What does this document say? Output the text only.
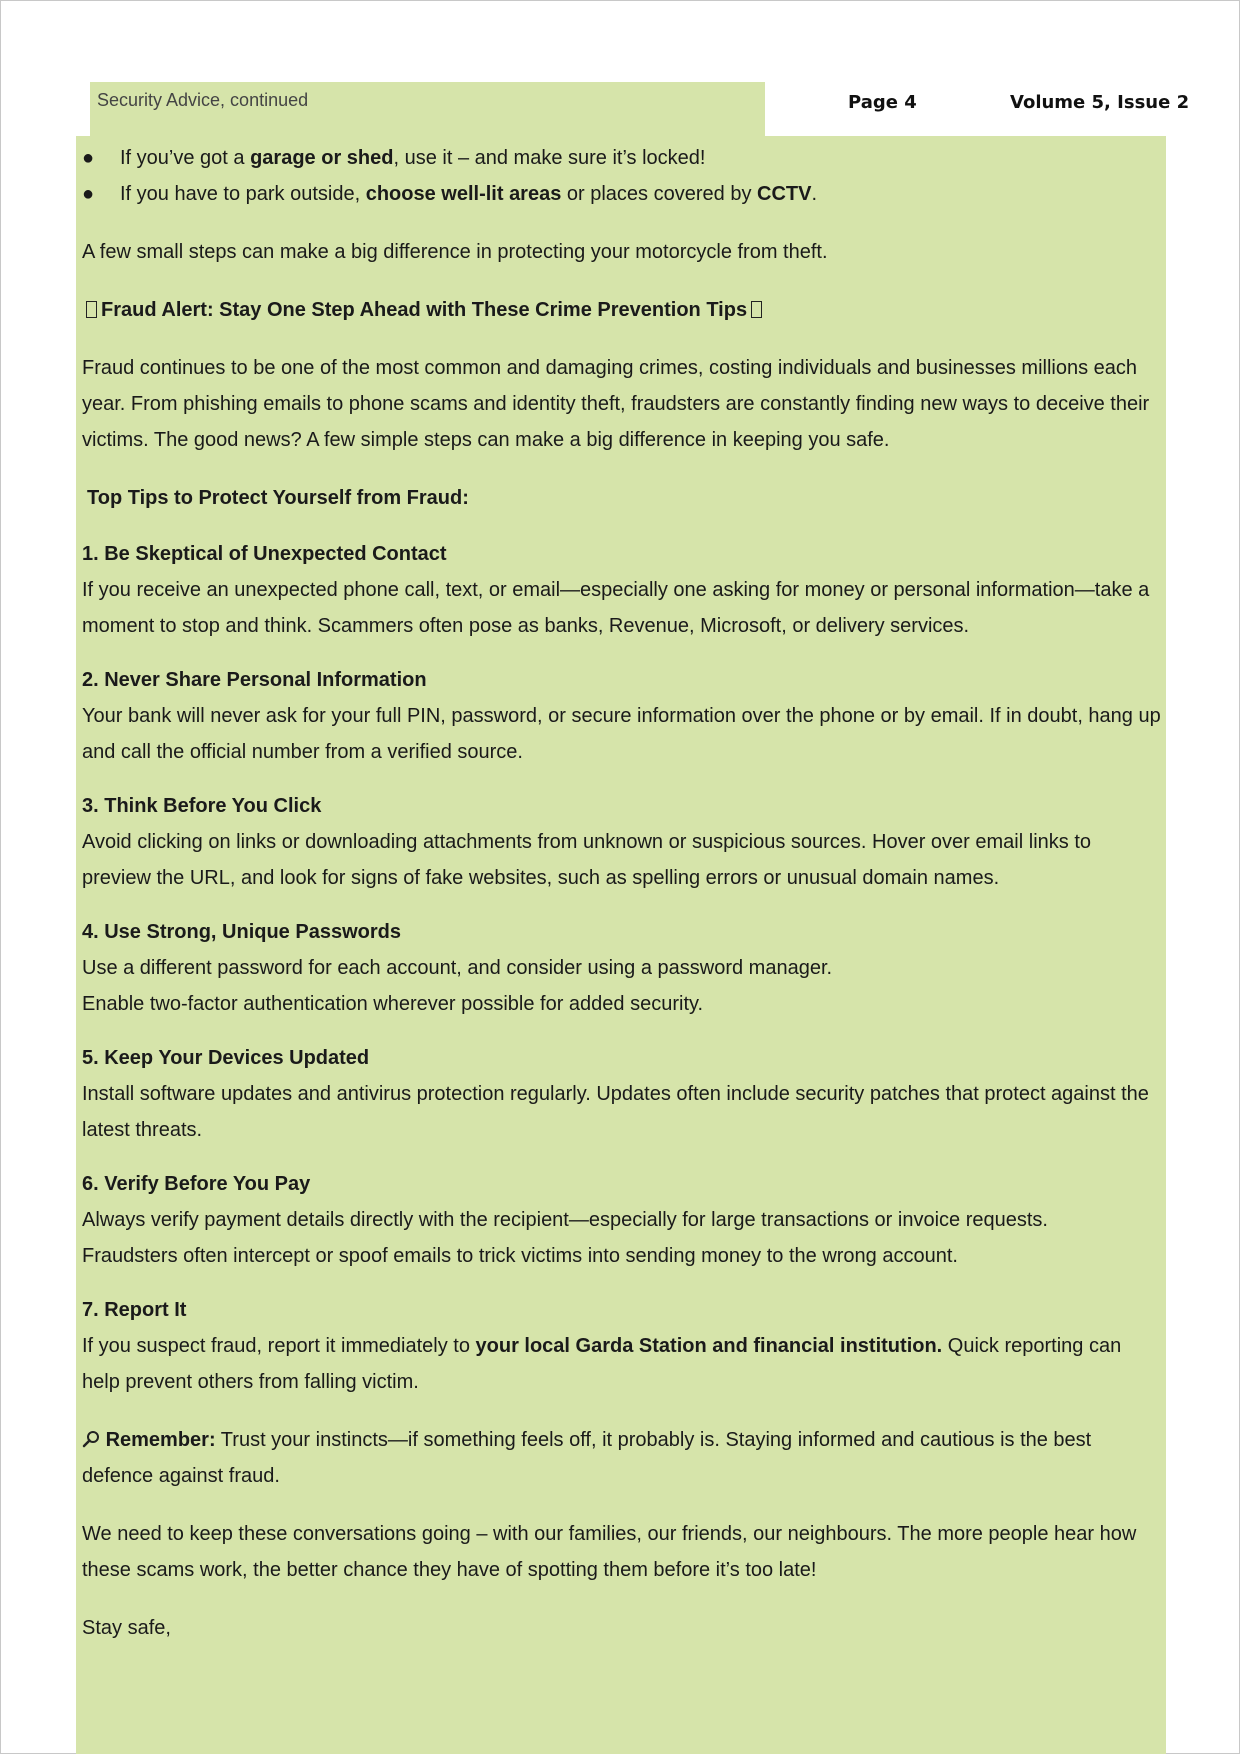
Security Advice, continued	Page 4	Volume 5, Issue 2

● If you’ve got a garage or shed, use it – and make sure it’s locked!

● If you have to park outside, choose well-lit areas or places covered by CCTV.

A few small steps can make a big difference in protecting your motorcycle from theft.

Fraud Alert: Stay One Step Ahead with These Crime Prevention Tips

Fraud continues to be one of the most common and damaging crimes, costing individuals and businesses millions each year. From phishing emails to phone scams and identity theft, fraudsters are constantly finding new ways to deceive their victims. The good news? A few simple steps can make a big difference in keeping you safe.

Top Tips to Protect Yourself from Fraud:

1. Be Skeptical of Unexpected Contact

If you receive an unexpected phone call, text, or email—especially one asking for money or personal information—take a moment to stop and think. Scammers often pose as banks, Revenue, Microsoft, or delivery services.

2. Never Share Personal Information

Your bank will never ask for your full PIN, password, or secure information over the phone or by email. If in doubt, hang up and call the official number from a verified source.

3. Think Before You Click

Avoid clicking on links or downloading attachments from unknown or suspicious sources. Hover over email links to preview the URL, and look for signs of fake websites, such as spelling errors or unusual domain names.

4. Use Strong, Unique Passwords

Use a different password for each account, and consider using a password manager.

Enable two-factor authentication wherever possible for added security.

5. Keep Your Devices Updated

Install software updates and antivirus protection regularly. Updates often include security patches that protect against the latest threats.

6. Verify Before You Pay

Always verify payment details directly with the recipient—especially for large transactions or invoice requests.

Fraudsters often intercept or spoof emails to trick victims into sending money to the wrong account.

7. Report It

If you suspect fraud, report it immediately to your local Garda Station and financial institution. Quick reporting can help prevent others from falling victim.

Remember: Trust your instincts—if something feels off, it probably is. Staying informed and cautious is the best defence against fraud.

We need to keep these conversations going – with our families, our friends, our neighbours. The more people hear how these scams work, the better chance they have of spotting them before it’s too late!

Stay safe,
